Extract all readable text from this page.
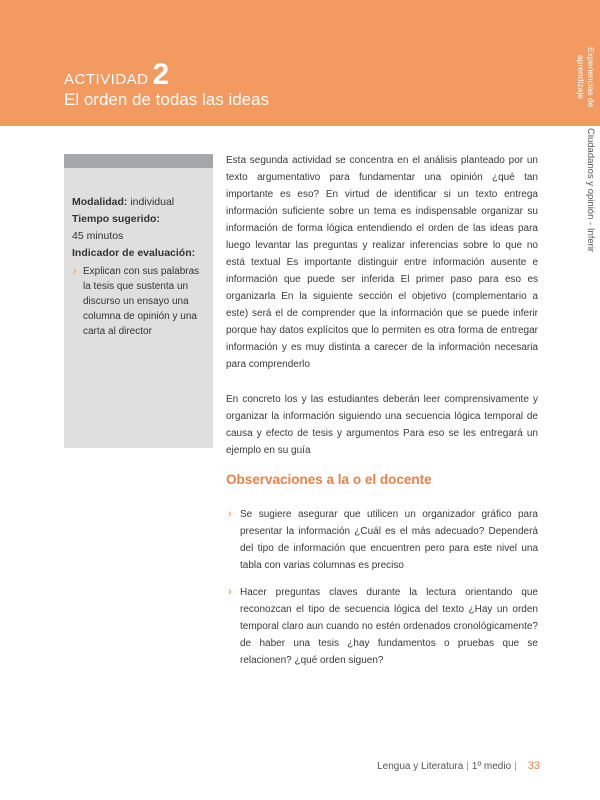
ACTIVIDAD 2
El orden de todas las ideas	Experiencias de aprendizaje
Ciudadanos y opinión - Inferir
Modalidad: individual
Tiempo sugerido:
45 minutos
Indicador de evaluación:
› Explican con sus palabras la tesis que sustenta un discurso un ensayo una columna de opinión y una carta al director

Esta segunda actividad se concentra en el análisis planteado por un texto argumentativo para fundamentar una opinión ¿qué tan importante es eso? En virtud de identificar si un texto entrega información suficiente sobre un tema es indispensable organizar su información de forma lógica entendiendo el orden de las ideas para luego levantar las preguntas y realizar inferencias sobre lo que no está textual Es importante distinguir entre información ausente e información que puede ser inferida El primer paso para eso es organizarla En la siguiente sección el objetivo (complementario a este) será el de comprender que la información que se puede inferir porque hay datos explícitos que lo permiten es otra forma de entregar información y es muy distinta a carecer de la información necesaria para comprenderlo

En concreto los y las estudiantes deberán leer comprensivamente y organizar la información siguiendo una secuencia lógica temporal de causa y efecto de tesis y argumentos Para eso se les entregará un ejemplo en su guía

Observaciones a la o el docente
› Se sugiere asegurar que utilicen un organizador gráfico para presentar la información ¿Cuál es el más adecuado? Dependerá del tipo de información que encuentren pero para este nivel una tabla con varias columnas es preciso
› Hacer preguntas claves durante la lectura orientando que reconozcan el tipo de secuencia lógica del texto ¿Hay un orden temporal claro aun cuando no estén ordenados cronológicamente? de haber una tesis ¿hay fundamentos o pruebas que se relacionen? ¿qué orden siguen?
Lengua y Literatura | 1º medio | 33
